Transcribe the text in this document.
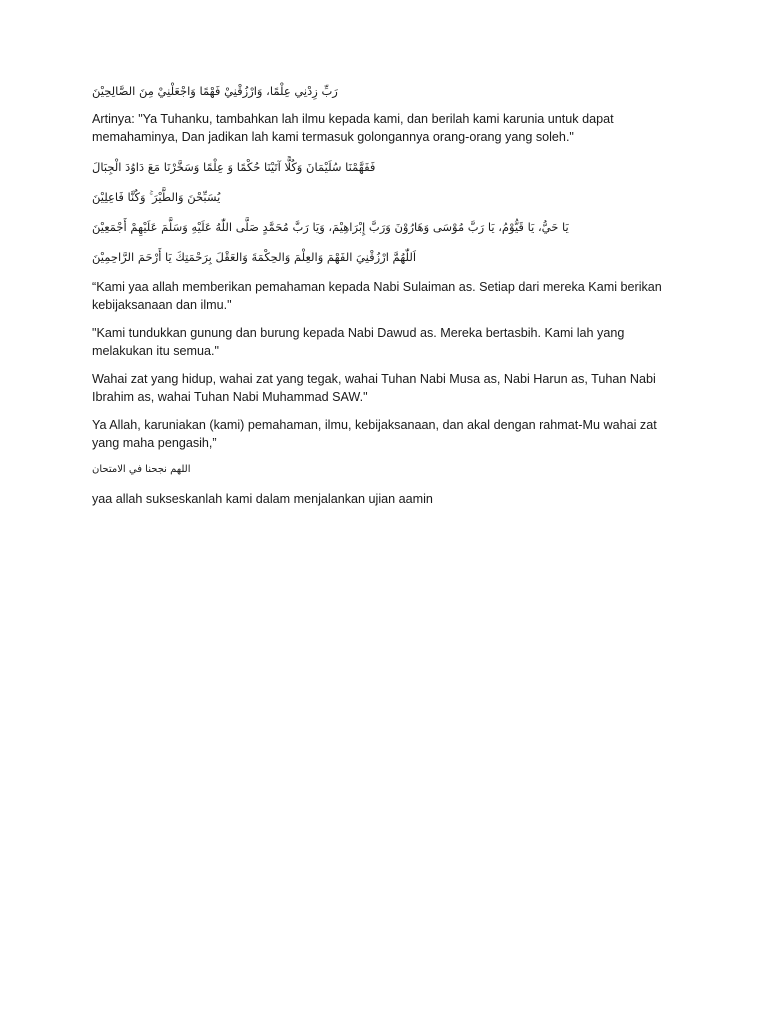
رَبِّ زِدْنِي عِلْمًا، وَارْزُقْنِيْ فَهْمًا وَاجْعَلْنِيْ مِنَ الصَّالِحِيْنَ

Artinya: "Ya Tuhanku, tambahkan lah ilmu kepada kami, dan berilah kami karunia untuk dapat memahaminya, Dan jadikan lah kami termasuk golongannya orang-orang yang soleh."

فَفَهَّمْنَا سُلَيْمَانَ وَكُلًّا آتَيْنَا حُكْمًا وَ عِلْمًا وَسَخَّرْنَا مَعَ دَاوُدَ الْجِبَالَ

يُسَبِّحْنَ وَالطَّيْرَ ۚ وَكُنَّا فَاعِلِيْنَ

يَا حَيُّ، يَا قَيُّوْمُ، يَا رَبَّ مُوْسَى وَهَارُوْنَ وَرَبَّ إِبْرَاهِيْمَ، وَيَا رَبَّ مُحَمَّدٍ صَلَّى اللّٰهُ عَلَيْهِ وَسَلَّمَ عَلَيْهِمْ أَجْمَعِيْنَ

اَللّٰهُمَّ ارْزُقْنِيَ الفَهْمَ وَالعِلْمَ وَالحِكْمَةَ وَالعَقْلَ بِرَحْمَتِكَ يَا أَرْحَمَ الرَّاحِمِيْنَ

“Kami yaa allah memberikan pemahaman kepada Nabi Sulaiman as. Setiap dari mereka Kami berikan kebijaksanaan dan ilmu."

"Kami tundukkan gunung dan burung kepada Nabi Dawud as. Mereka bertasbih. Kami lah yang melakukan itu semua."

Wahai zat yang hidup, wahai zat yang tegak, wahai Tuhan Nabi Musa as, Nabi Harun as, Tuhan Nabi Ibrahim as, wahai Tuhan Nabi Muhammad SAW."

Ya Allah, karuniakan (kami) pemahaman, ilmu, kebijaksanaan, dan akal dengan rahmat-Mu wahai zat yang maha pengasih,”

اللهم نجحنا في الامتحان

yaa allah sukseskanlah kami dalam menjalankan ujian aamin
